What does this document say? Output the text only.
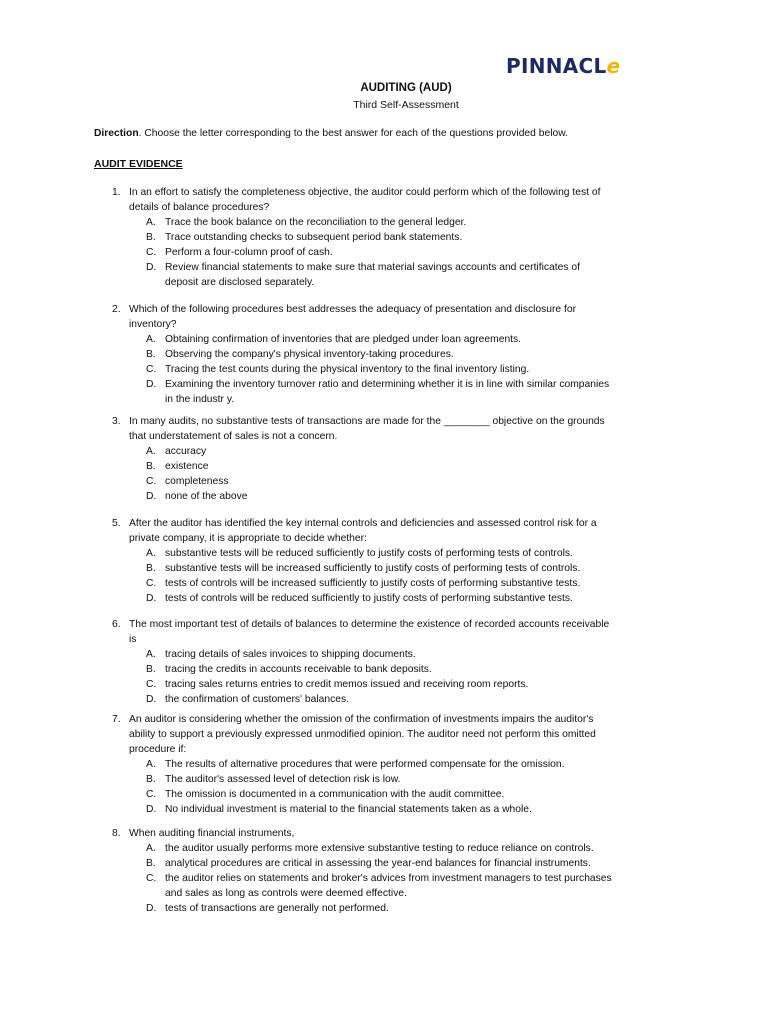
PINNACLe
AUDITING (AUD)
Third Self-Assessment
Direction. Choose the letter corresponding to the best answer for each of the questions provided below.
AUDIT EVIDENCE
1. In an effort to satisfy the completeness objective, the auditor could perform which of the following test of details of balance procedures?
A. Trace the book balance on the reconciliation to the general ledger.
B. Trace outstanding checks to subsequent period bank statements.
C. Perform a four-column proof of cash.
D. Review financial statements to make sure that material savings accounts and certificates of deposit are disclosed separately.
2. Which of the following procedures best addresses the adequacy of presentation and disclosure for inventory?
A. Obtaining confirmation of inventories that are pledged under loan agreements.
B. Observing the company's physical inventory-taking procedures.
C. Tracing the test counts during the physical inventory to the final inventory listing.
D. Examining the inventory turnover ratio and determining whether it is in line with similar companies in the industr y.
3. In many audits, no substantive tests of transactions are made for the ________ objective on the grounds that understatement of sales is not a concern.
A. accuracy
B. existence
C. completeness
D. none of the above
5. After the auditor has identified the key internal controls and deficiencies and assessed control risk for a private company, it is appropriate to decide whether:
A. substantive tests will be reduced sufficiently to justify costs of performing tests of controls.
B. substantive tests will be increased sufficiently to justify costs of performing tests of controls.
C. tests of controls will be increased sufficiently to justify costs of performing substantive tests.
D. tests of controls will be reduced sufficiently to justify costs of performing substantive tests.
6. The most important test of details of balances to determine the existence of recorded accounts receivable is
A. tracing details of sales invoices to shipping documents.
B. tracing the credits in accounts receivable to bank deposits.
C. tracing sales returns entries to credit memos issued and receiving room reports.
D. the confirmation of customers' balances.
7. An auditor is considering whether the omission of the confirmation of investments impairs the auditor's ability to support a previously expressed unmodified opinion. The auditor need not perform this omitted procedure if:
A. The results of alternative procedures that were performed compensate for the omission.
B. The auditor's assessed level of detection risk is low.
C. The omission is documented in a communication with the audit committee.
D. No individual investment is material to the financial statements taken as a whole.
8. When auditing financial instruments,
A. the auditor usually performs more extensive substantive testing to reduce reliance on controls.
B. analytical procedures are critical in assessing the year-end balances for financial instruments.
C. the auditor relies on statements and broker's advices from investment managers to test purchases and sales as long as controls were deemed effective.
D. tests of transactions are generally not performed.
